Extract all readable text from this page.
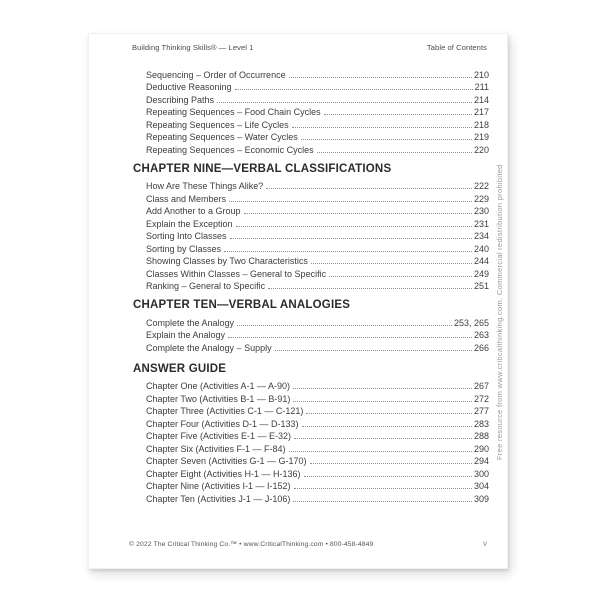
Building Thinking Skills® — Level 1	Table of Contents
Sequencing – Order of Occurrence	210
Deductive Reasoning	211
Describing Paths	214
Repeating Sequences – Food Chain Cycles	217
Repeating Sequences – Life Cycles	218
Repeating Sequences – Water Cycles	219
Repeating Sequences – Economic Cycles	220
CHAPTER NINE—VERBAL CLASSIFICATIONS
How Are These Things Alike?	222
Class and Members	229
Add Another to a Group	230
Explain the Exception	231
Sorting Into Classes	234
Sorting by Classes	240
Showing Classes by Two Characteristics	244
Classes Within Classes – General to Specific	249
Ranking – General to Specific	251
CHAPTER TEN—VERBAL ANALOGIES
Complete the Analogy	253, 265
Explain the Analogy	263
Complete the Analogy – Supply	266
ANSWER GUIDE
Chapter One (Activities A-1 — A-90)	267
Chapter Two (Activities B-1 — B-91)	272
Chapter Three (Activities C-1 — C-121)	277
Chapter Four (Activities D-1 — D-133)	283
Chapter Five (Activities E-1 — E-32)	288
Chapter Six (Activities F-1 — F-84)	290
Chapter Seven (Activities G-1 — G-170)	294
Chapter Eight (Activities H-1 — H-136)	300
Chapter Nine (Activities I-1 — I-152)	304
Chapter Ten (Activities J-1 — J-106)	309
Free resource from www.criticalthinking.com. Commercial redistribution prohibited
© 2022 The Critical Thinking Co.™ • www.CriticalThinking.com • 800-458-4849	v
